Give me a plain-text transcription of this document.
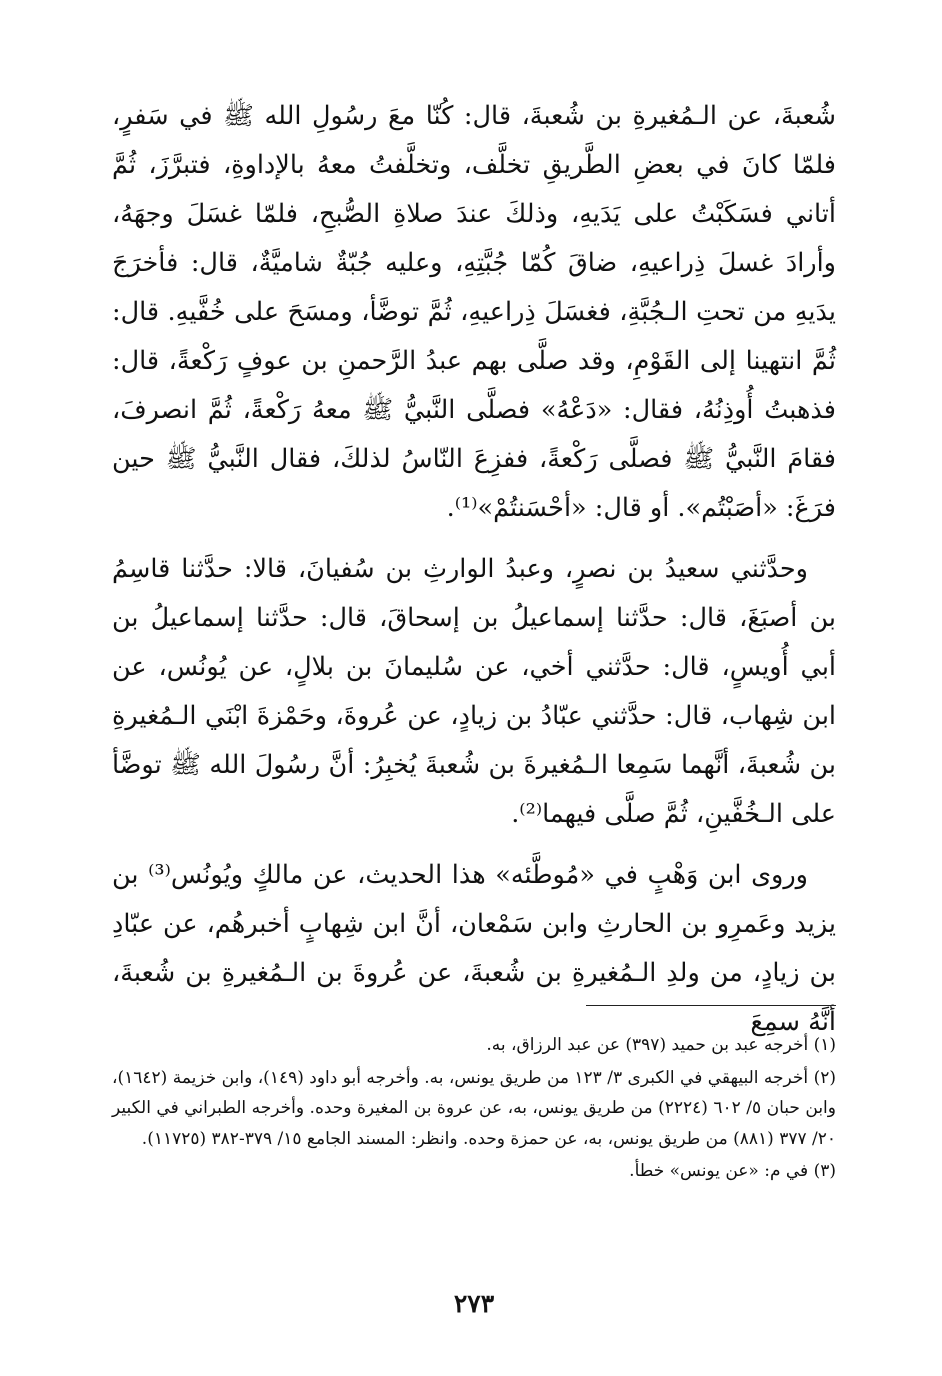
شُعبةَ، عن الـمُغيرةِ بن شُعبةَ، قال: كُنّا معَ رسُولِ الله ﷺ في سَفرٍ، فلمّا كانَ في بعضِ الطَّريقِ تخلَّف، وتخلَّفتُ معهُ بالإداوةِ، فتبرَّزَ، ثُمَّ أتاني فسَكَبْتُ على يَدَيهِ، وذلكَ عندَ صلاةِ الصُّبحِ، فلمّا غسَلَ وجهَهُ، وأرادَ غسلَ ذِراعيهِ، ضاقَ كُمّا جُبَّتِهِ، وعليه جُبّةٌ شاميَّةٌ، قال: فأخرَجَ يدَيهِ من تحتِ الـجُبَّةِ، فغسَلَ ذِراعيهِ، ثُمَّ توضَّأ، ومسَحَ على خُفَّيهِ. قال: ثُمَّ انتهينا إلى القَوْمِ، وقد صلَّى بهم عبدُ الرَّحمنِ بن عوفٍ رَكْعةً، قال: فذهبتُ أُوذِنُهُ، فقال: «دَعْهُ» فصلَّى النَّبيُّ ﷺ معهُ رَكْعةً، ثُمَّ انصرفَ، فقامَ النَّبيُّ ﷺ فصلَّى رَكْعةً، ففزِعَ النّاسُ لذلكَ، فقال النَّبيُّ ﷺ حين فرَغَ: «أصَبْتُم». أو قال: «أحْسَنتُمْ»⁽¹⁾.

وحدَّثني سعيدُ بن نصرٍ، وعبدُ الوارثِ بن سُفيانَ، قالا: حدَّثنا قاسِمُ بن أصبَغَ، قال: حدَّثنا إسماعيلُ بن إسحاقَ، قال: حدَّثنا إسماعيلُ بن أبي أُويسٍ، قال: حدَّثني أخي، عن سُليمانَ بن بلالٍ، عن يُونُس، عن ابن شِهاب، قال: حدَّثني عبّادُ بن زيادٍ، عن عُروةَ، وحَمْزةَ ابْنَي الـمُغيرةِ بن شُعبةَ، أنَّهما سَمِعا الـمُغيرةَ بن شُعبةَ يُخبِرُ: أنَّ رسُولَ الله ﷺ توضَّأ على الـخُفَّينِ، ثُمَّ صلَّى فيهما⁽²⁾.

وروى ابن وَهْبٍ في «مُوطَّئه» هذا الحديث، عن مالكٍ ويُونُس⁽³⁾ بن يزيد وعَمرِو بن الحارثِ وابن سَمْعان، أنَّ ابن شِهابٍ أخبرهُم، عن عبّادِ بن زيادٍ، من ولدِ الـمُغيرةِ بن شُعبةَ، عن عُروةَ بن الـمُغيرةِ بن شُعبةَ، أنَّهُ سمِعَ

(١) أخرجه عبد بن حميد (٣٩٧) عن عبد الرزاق، به.

(٢) أخرجه البيهقي في الكبرى ٣/ ١٢٣ من طريق يونس، به. وأخرجه أبو داود (١٤٩)، وابن خزيمة (١٦٤٢)، وابن حبان ٥/ ٦٠٢ (٢٢٢٤) من طريق يونس، به، عن عروة بن المغيرة وحده. وأخرجه الطبراني في الكبير ٢٠/ ٣٧٧ (٨٨١) من طريق يونس، به، عن حمزة وحده. وانظر: المسند الجامع ١٥/ ٣٧٩-٣٨٢ (١١٧٢٥).

(٣) في م: «عن يونس» خطأ.

٢٧٣
